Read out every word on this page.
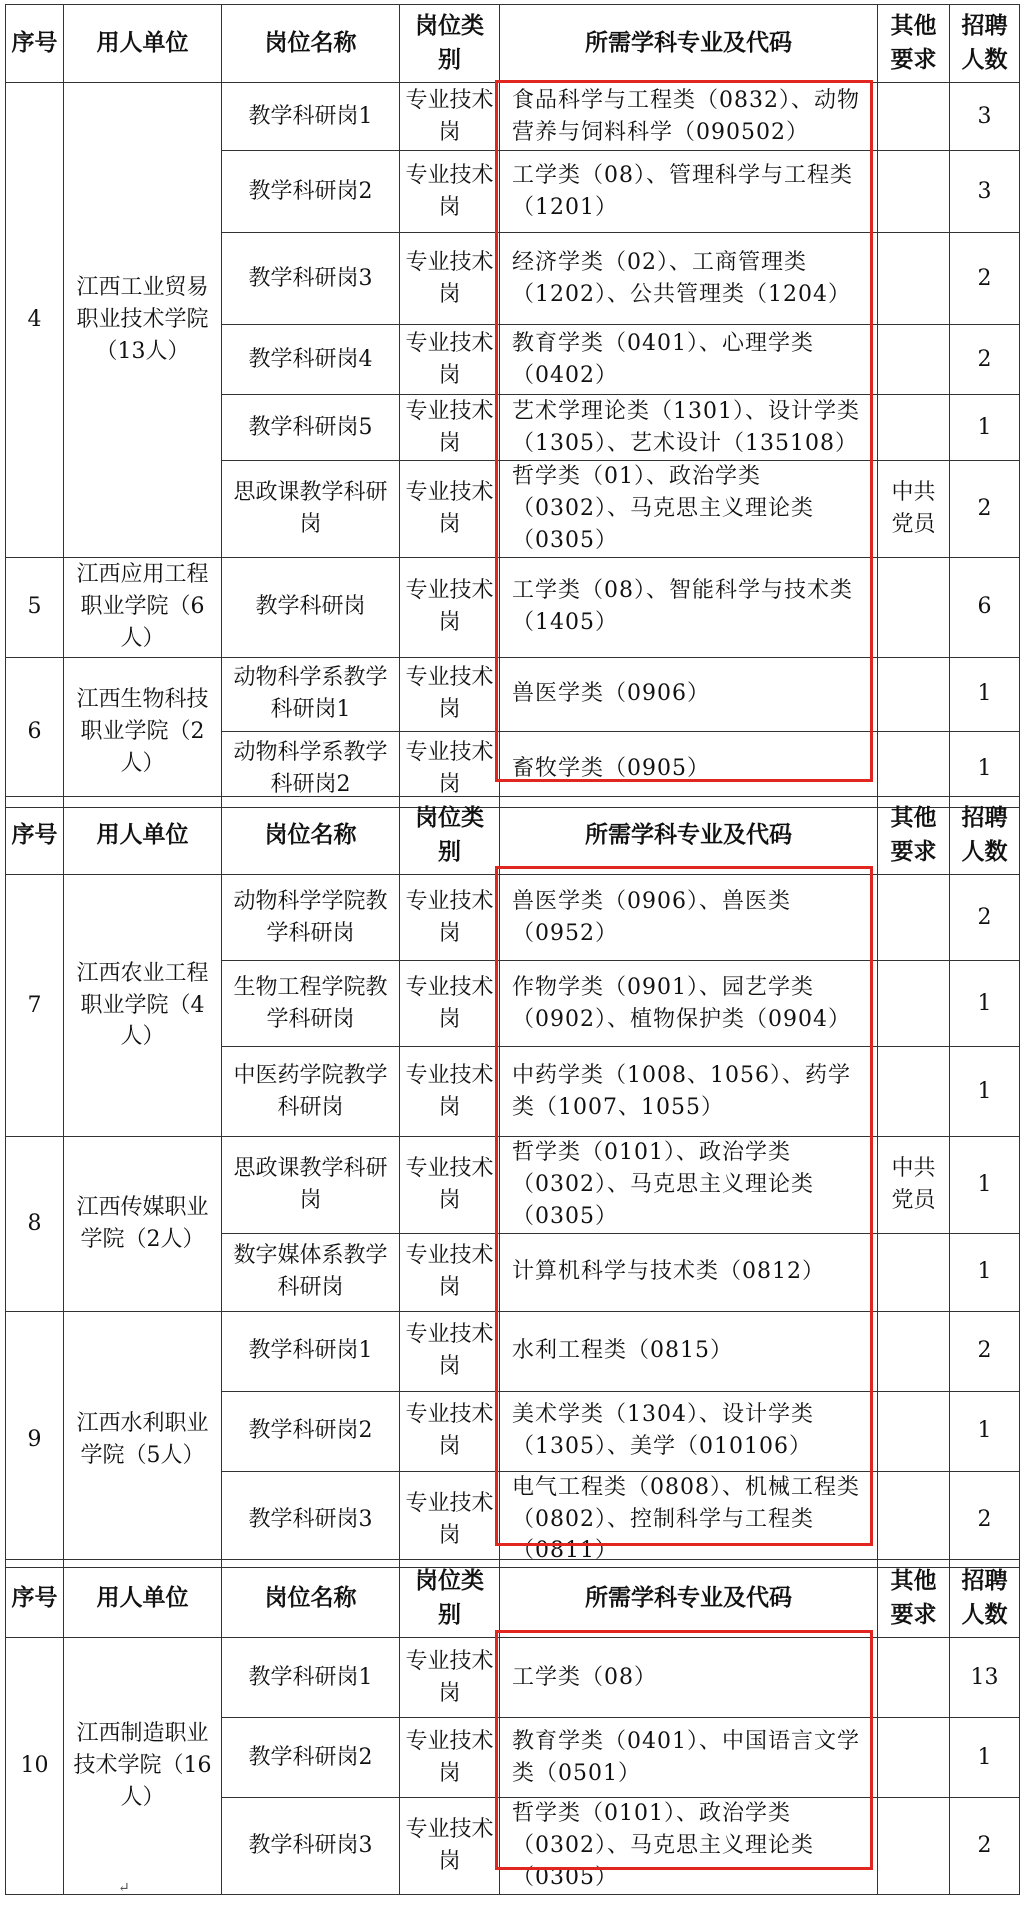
序号	用人单位	岗位名称	岗位类别	所需学科专业及代码	其他要求	招聘人数
4	江西工业贸易职业技术学院（13人）	教学科研岗1	专业技术岗	食品科学与工程类（0832）、动物营养与饲料科学（090502）		3
		教学科研岗2	专业技术岗	工学类（08）、管理科学与工程类（1201）		3
		教学科研岗3	专业技术岗	经济学类（02）、工商管理类（1202）、公共管理类（1204）		2
		教学科研岗4	专业技术岗	教育学类（0401）、心理学类（0402）		2
		教学科研岗5	专业技术岗	艺术学理论类（1301）、设计学类（1305）、艺术设计（135108）		1
		思政课教学科研岗	专业技术岗	哲学类（01）、政治学类（0302）、马克思主义理论类（0305）	中共党员	2
5	江西应用工程职业学院（6人）	教学科研岗	专业技术岗	工学类（08）、智能科学与技术类（1405）		6
6	江西生物科技职业学院（2人）	动物科学系教学科研岗1	专业技术岗	兽医学类（0906）		1
		动物科学系教学科研岗2	专业技术岗	畜牧学类（0905）		1
序号	用人单位	岗位名称	岗位类别	所需学科专业及代码	其他要求	招聘人数
7	江西农业工程职业学院（4人）	动物科学学院教学科研岗	专业技术岗	兽医学类（0906）、兽医类（0952）		2
		生物工程学院教学科研岗	专业技术岗	作物学类（0901）、园艺学类（0902）、植物保护类（0904）		1
		中医药学院教学科研岗	专业技术岗	中药学类（1008、1056）、药学类（1007、1055）		1
8	江西传媒职业学院（2人）	思政课教学科研岗	专业技术岗	哲学类（0101）、政治学类（0302）、马克思主义理论类（0305）	中共党员	1
		数字媒体系教学科研岗	专业技术岗	计算机科学与技术类（0812）		1
9	江西水利职业学院（5人）	教学科研岗1	专业技术岗	水利工程类（0815）		2
		教学科研岗2	专业技术岗	美术学类（1304）、设计学类（1305）、美学（010106）		1
		教学科研岗3	专业技术岗	电气工程类（0808）、机械工程类（0802）、控制科学与工程类（0811）		2
序号	用人单位	岗位名称	岗位类别	所需学科专业及代码	其他要求	招聘人数
10	江西制造职业技术学院（16人）	教学科研岗1	专业技术岗	工学类（08）		13
		教学科研岗2	专业技术岗	教育学类（0401）、中国语言文学类（0501）		1
		教学科研岗3	专业技术岗	哲学类（0101）、政治学类（0302）、马克思主义理论类（0305）		2
↵
